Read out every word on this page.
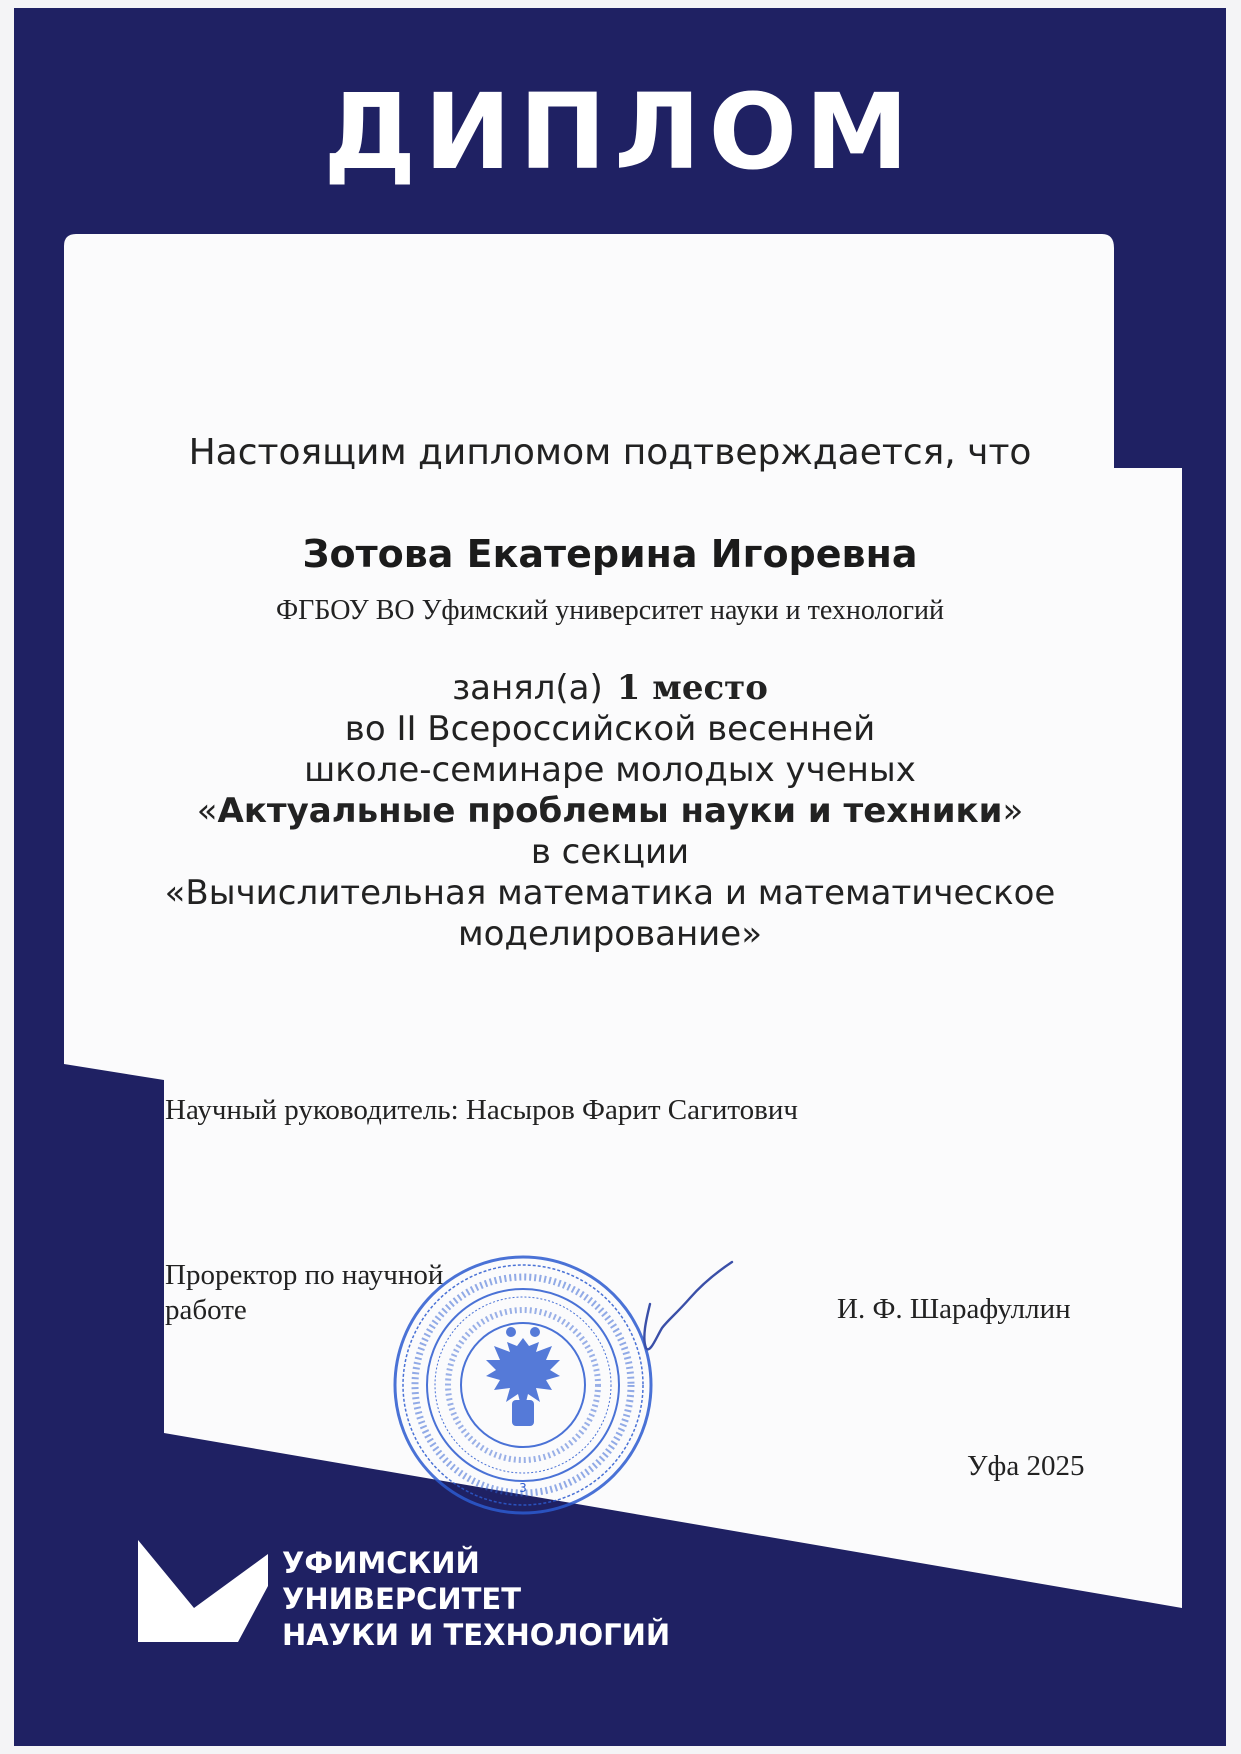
ДИПЛОМ
Настоящим дипломом подтверждается, что
Зотова Екатерина Игоревна
ФГБОУ ВО Уфимский университет науки и технологий
занял(а) 1 место
во II Всероссийской весенней
школе-семинаре молодых ученых
«Актуальные проблемы науки и техники»
в секции
«Вычислительная математика и математическое
моделирование»
Научный руководитель: Насыров Фарит Сагитович
Проректор по научной
работе
3
И. Ф. Шарафуллин
Уфа 2025
УФИМСКИЙ
УНИВЕРСИТЕТ
НАУКИ И ТЕХНОЛОГИЙ
